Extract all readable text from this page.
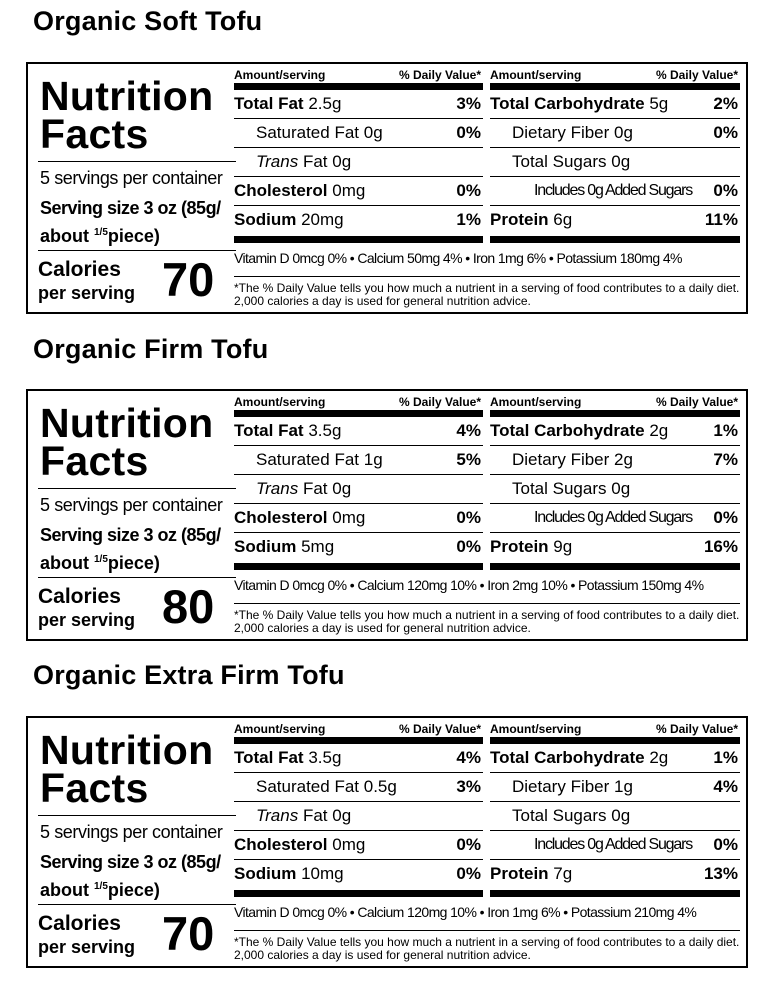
Organic Soft Tofu
Nutrition
Facts
5 servings per container
Serving size 3 oz (85g/
about $^{1/5}$piece)
Calories
per serving 70
Amount/serving	% Daily Value*
Total Fat 2.5g	3%
Saturated Fat 0g	0%
Trans Fat 0g
Cholesterol 0mg	0%
Sodium 20mg	1%
Amount/serving	% Daily Value*
Total Carbohydrate 5g	2%
Dietary Fiber 0g	0%
Total Sugars 0g
Includes 0g Added Sugars 0%
Protein 6g	11%
Vitamin D 0mcg 0% • Calcium 50mg 4% • Iron 1mg 6% • Potassium 180mg 4%
*The % Daily Value tells you how much a nutrient in a serving of food contributes to a daily diet. 2,000 calories a day is used for general nutrition advice.
Organic Firm Tofu
Nutrition
Facts
5 servings per container
Serving size 3 oz (85g/
about $^{1/5}$piece)
Calories
per serving 80
Amount/serving	% Daily Value*
Total Fat 3.5g	4%
Saturated Fat 1g	5%
Trans Fat 0g
Cholesterol 0mg	0%
Sodium 5mg	0%
Amount/serving	% Daily Value*
Total Carbohydrate 2g	1%
Dietary Fiber 2g	7%
Total Sugars 0g
Includes 0g Added Sugars 0%
Protein 9g	16%
Vitamin D 0mcg 0% • Calcium 120mg 10% • Iron 2mg 10% • Potassium 150mg 4%
*The % Daily Value tells you how much a nutrient in a serving of food contributes to a daily diet. 2,000 calories a day is used for general nutrition advice.
Organic Extra Firm Tofu
Nutrition
Facts
5 servings per container
Serving size 3 oz (85g/
about $^{1/5}$piece)
Calories
per serving 70
Amount/serving	% Daily Value*
Total Fat 3.5g	4%
Saturated Fat 0.5g	3%
Trans Fat 0g
Cholesterol 0mg	0%
Sodium 10mg	0%
Amount/serving	% Daily Value*
Total Carbohydrate 2g	1%
Dietary Fiber 1g	4%
Total Sugars 0g
Includes 0g Added Sugars 0%
Protein 7g	13%
Vitamin D 0mcg 0% • Calcium 120mg 10% • Iron 1mg 6% • Potassium 210mg 4%
*The % Daily Value tells you how much a nutrient in a serving of food contributes to a daily diet. 2,000 calories a day is used for general nutrition advice.
